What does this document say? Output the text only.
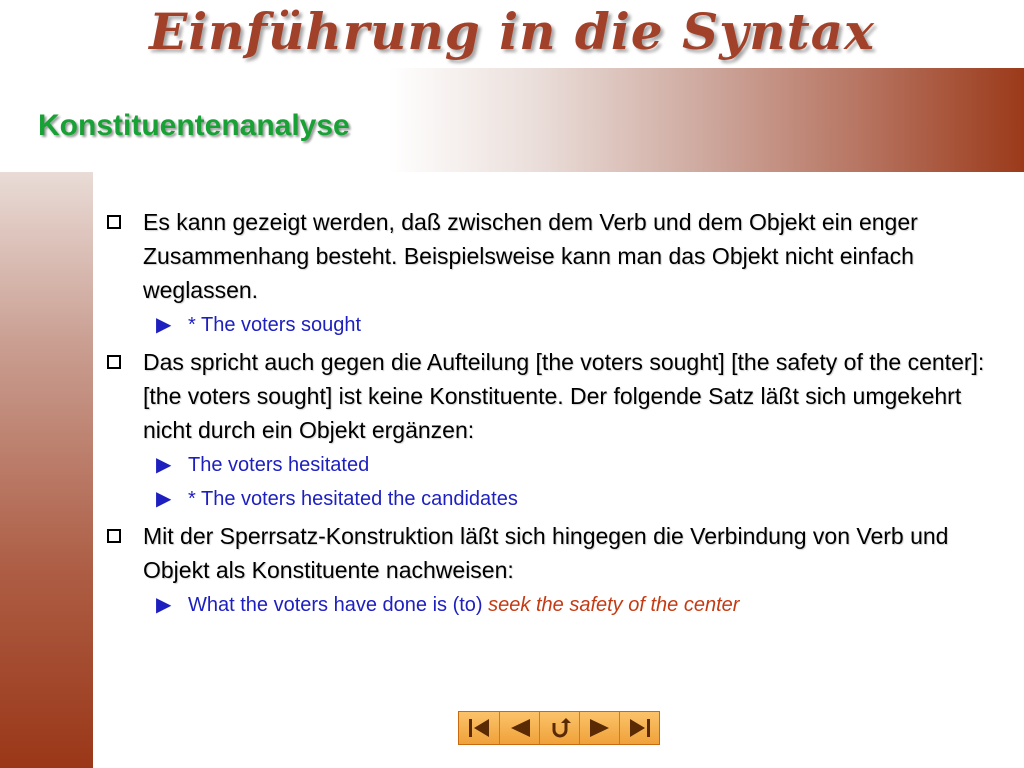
Einführung in die Syntax
Konstituentenanalyse
Es kann gezeigt werden, daß zwischen dem Verb und dem Objekt ein enger Zusammenhang besteht. Beispielsweise kann man das Objekt nicht einfach weglassen.
▶ * The voters sought
Das spricht auch gegen die Aufteilung [the voters sought] [the safety of the center]: [the voters sought] ist keine Konstituente. Der folgende Satz läßt sich umgekehrt nicht durch ein Objekt ergänzen:
▶ The voters hesitated
▶ * The voters hesitated the candidates
Mit der Sperrsatz-Konstruktion läßt sich hingegen die Verbindung von Verb und Objekt als Konstituente nachweisen:
▶ What the voters have done is (to) seek the safety of the center
